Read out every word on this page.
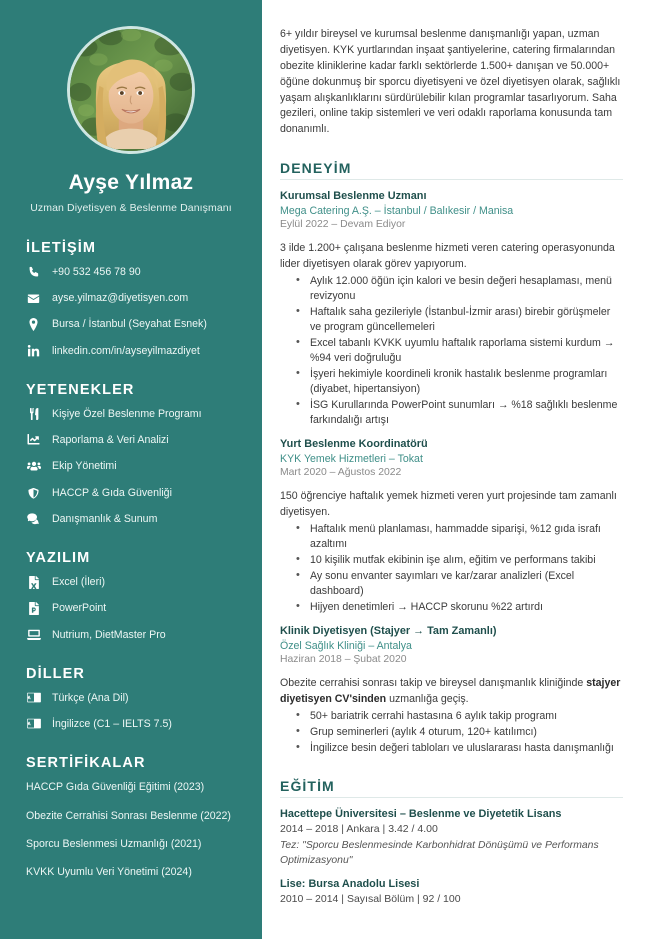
Ayşe Yılmaz
Uzman Diyetisyen & Beslenme Danışmanı
İLETİŞİM
+90 532 456 78 90
ayse.yilmaz@diyetisyen.com
Bursa / İstanbul (Seyahat Esnek)
linkedin.com/in/ayseyilmazdiyet
YETENEKLER
Kişiye Özel Beslenme Programı
Raporlama & Veri Analizi
Ekip Yönetimi
HACCP & Gıda Güvenliği
Danışmanlık & Sunum
YAZILIM
Excel (İleri)
PowerPoint
Nutrium, DietMaster Pro
DİLLER
Türkçe (Ana Dil)
İngilizce (C1 – IELTS 7.5)
SERTİFİKALAR
HACCP Gıda Güvenliği Eğitimi (2023)
Obezite Cerrahisi Sonrası Beslenme (2022)
Sporcu Beslenmesi Uzmanlığı (2021)
KVKK Uyumlu Veri Yönetimi (2024)

6+ yıldır bireysel ve kurumsal beslenme danışmanlığı yapan, uzman diyetisyen. KYK yurtlarından inşaat şantiyelerine, catering firmalarından obezite kliniklerine kadar farklı sektörlerde 1.500+ danışan ve 50.000+ öğüne dokunmuş bir sporcu diyetisyeni ve özel diyetisyen olarak, sağlıklı yaşam alışkanlıklarını sürdürülebilir kılan programlar tasarlıyorum. Saha gezileri, online takip sistemleri ve veri odaklı raporlama konusunda tam donanımlı.

DENEYİM
Kurumsal Beslenme Uzmanı
Mega Catering A.Ş. – İstanbul / Balıkesir / Manisa
Eylül 2022 – Devam Ediyor
3 ilde 1.200+ çalışana beslenme hizmeti veren catering operasyonunda lider diyetisyen olarak görev yapıyorum.
• Aylık 12.000 öğün için kalori ve besin değeri hesaplaması, menü revizyonu
• Haftalık saha gezileriyle (İstanbul-İzmir arası) birebir görüşmeler ve program güncellemeleri
• Excel tabanlı KVKK uyumlu haftalık raporlama sistemi kurdum → %94 veri doğruluğu
• İşyeri hekimiyle koordineli kronik hastalık beslenme programları (diyabet, hipertansiyon)
• İSG Kurullarında PowerPoint sunumları → %18 sağlıklı beslenme farkındalığı artışı
Yurt Beslenme Koordinatörü
KYK Yemek Hizmetleri – Tokat
Mart 2020 – Ağustos 2022
150 öğrenciye haftalık yemek hizmeti veren yurt projesinde tam zamanlı diyetisyen.
• Haftalık menü planlaması, hammadde siparişi, %12 gıda israfı azaltımı
• 10 kişilik mutfak ekibinin işe alım, eğitim ve performans takibi
• Ay sonu envanter sayımları ve kar/zarar analizleri (Excel dashboard)
• Hijyen denetimleri → HACCP skorunu %22 artırdı
Klinik Diyetisyen (Stajyer → Tam Zamanlı)
Özel Sağlık Kliniği – Antalya
Haziran 2018 – Şubat 2020
Obezite cerrahisi sonrası takip ve bireysel danışmanlık kliniğinde stajyer diyetisyen CV'sinden uzmanlığa geçiş.
• 50+ bariatrik cerrahi hastasına 6 aylık takip programı
• Grup seminerleri (aylık 4 oturum, 120+ katılımcı)
• İngilizce besin değeri tabloları ve uluslararası hasta danışmanlığı
EĞİTİM
Hacettepe Üniversitesi – Beslenme ve Diyetetik Lisans
2014 – 2018 | Ankara | 3.42 / 4.00
Tez: "Sporcu Beslenmesinde Karbonhidrat Dönüşümü ve Performans Optimizasyonu"
Lise: Bursa Anadolu Lisesi
2010 – 2014 | Sayısal Bölüm | 92 / 100
